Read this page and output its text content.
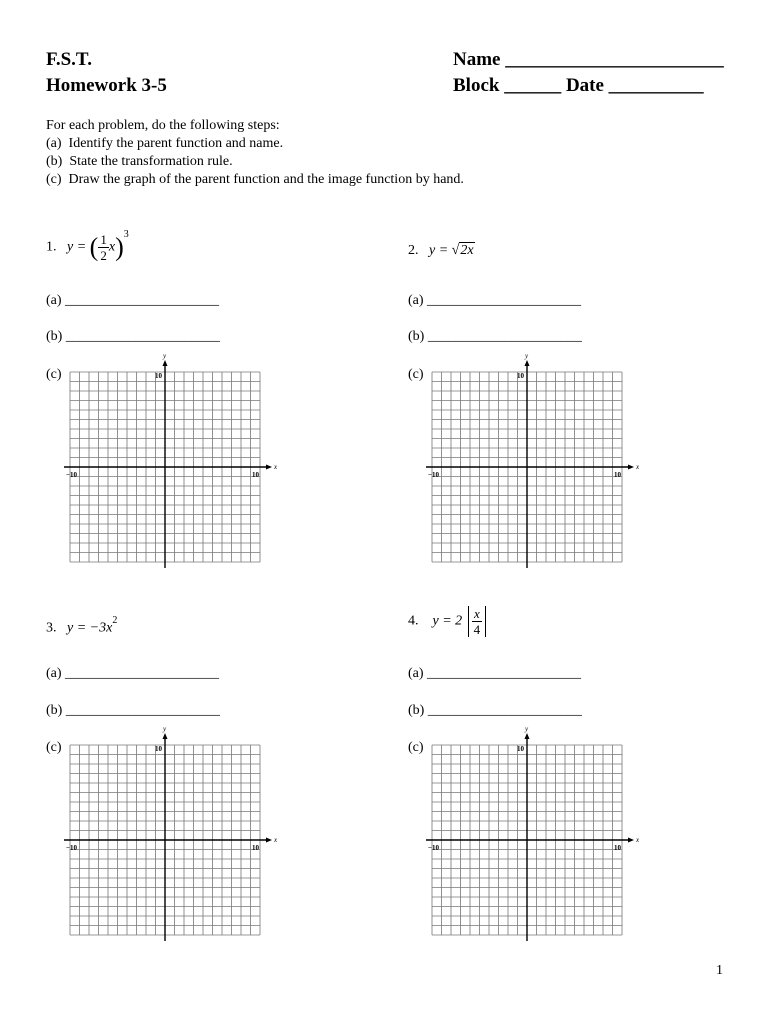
F.S.T.
Homework 3-5
Name _______________________
Block ______ Date __________
For each problem, do the following steps:
(a)  Identify the parent function and name.
(b)  State the transformation rule.
(c)  Draw the graph of the parent function and the image function by hand.
1. y = ( $\frac{1}{2} x)^3$
(a) ______________________
(b) ______________________
(c)
2. y = √2x
(a) ______________________
(b) ______________________
(c)
3. $y = -3x^2$
(a) ______________________
(b) ______________________
(c)
4. $y = 2 \frac{x}{4}$
(a) ______________________
(b) ______________________
(c)
x
y
−10	10
10
x
y
−10	10
10
x
y
−10	10
10
x
y
−10	10
10
1
